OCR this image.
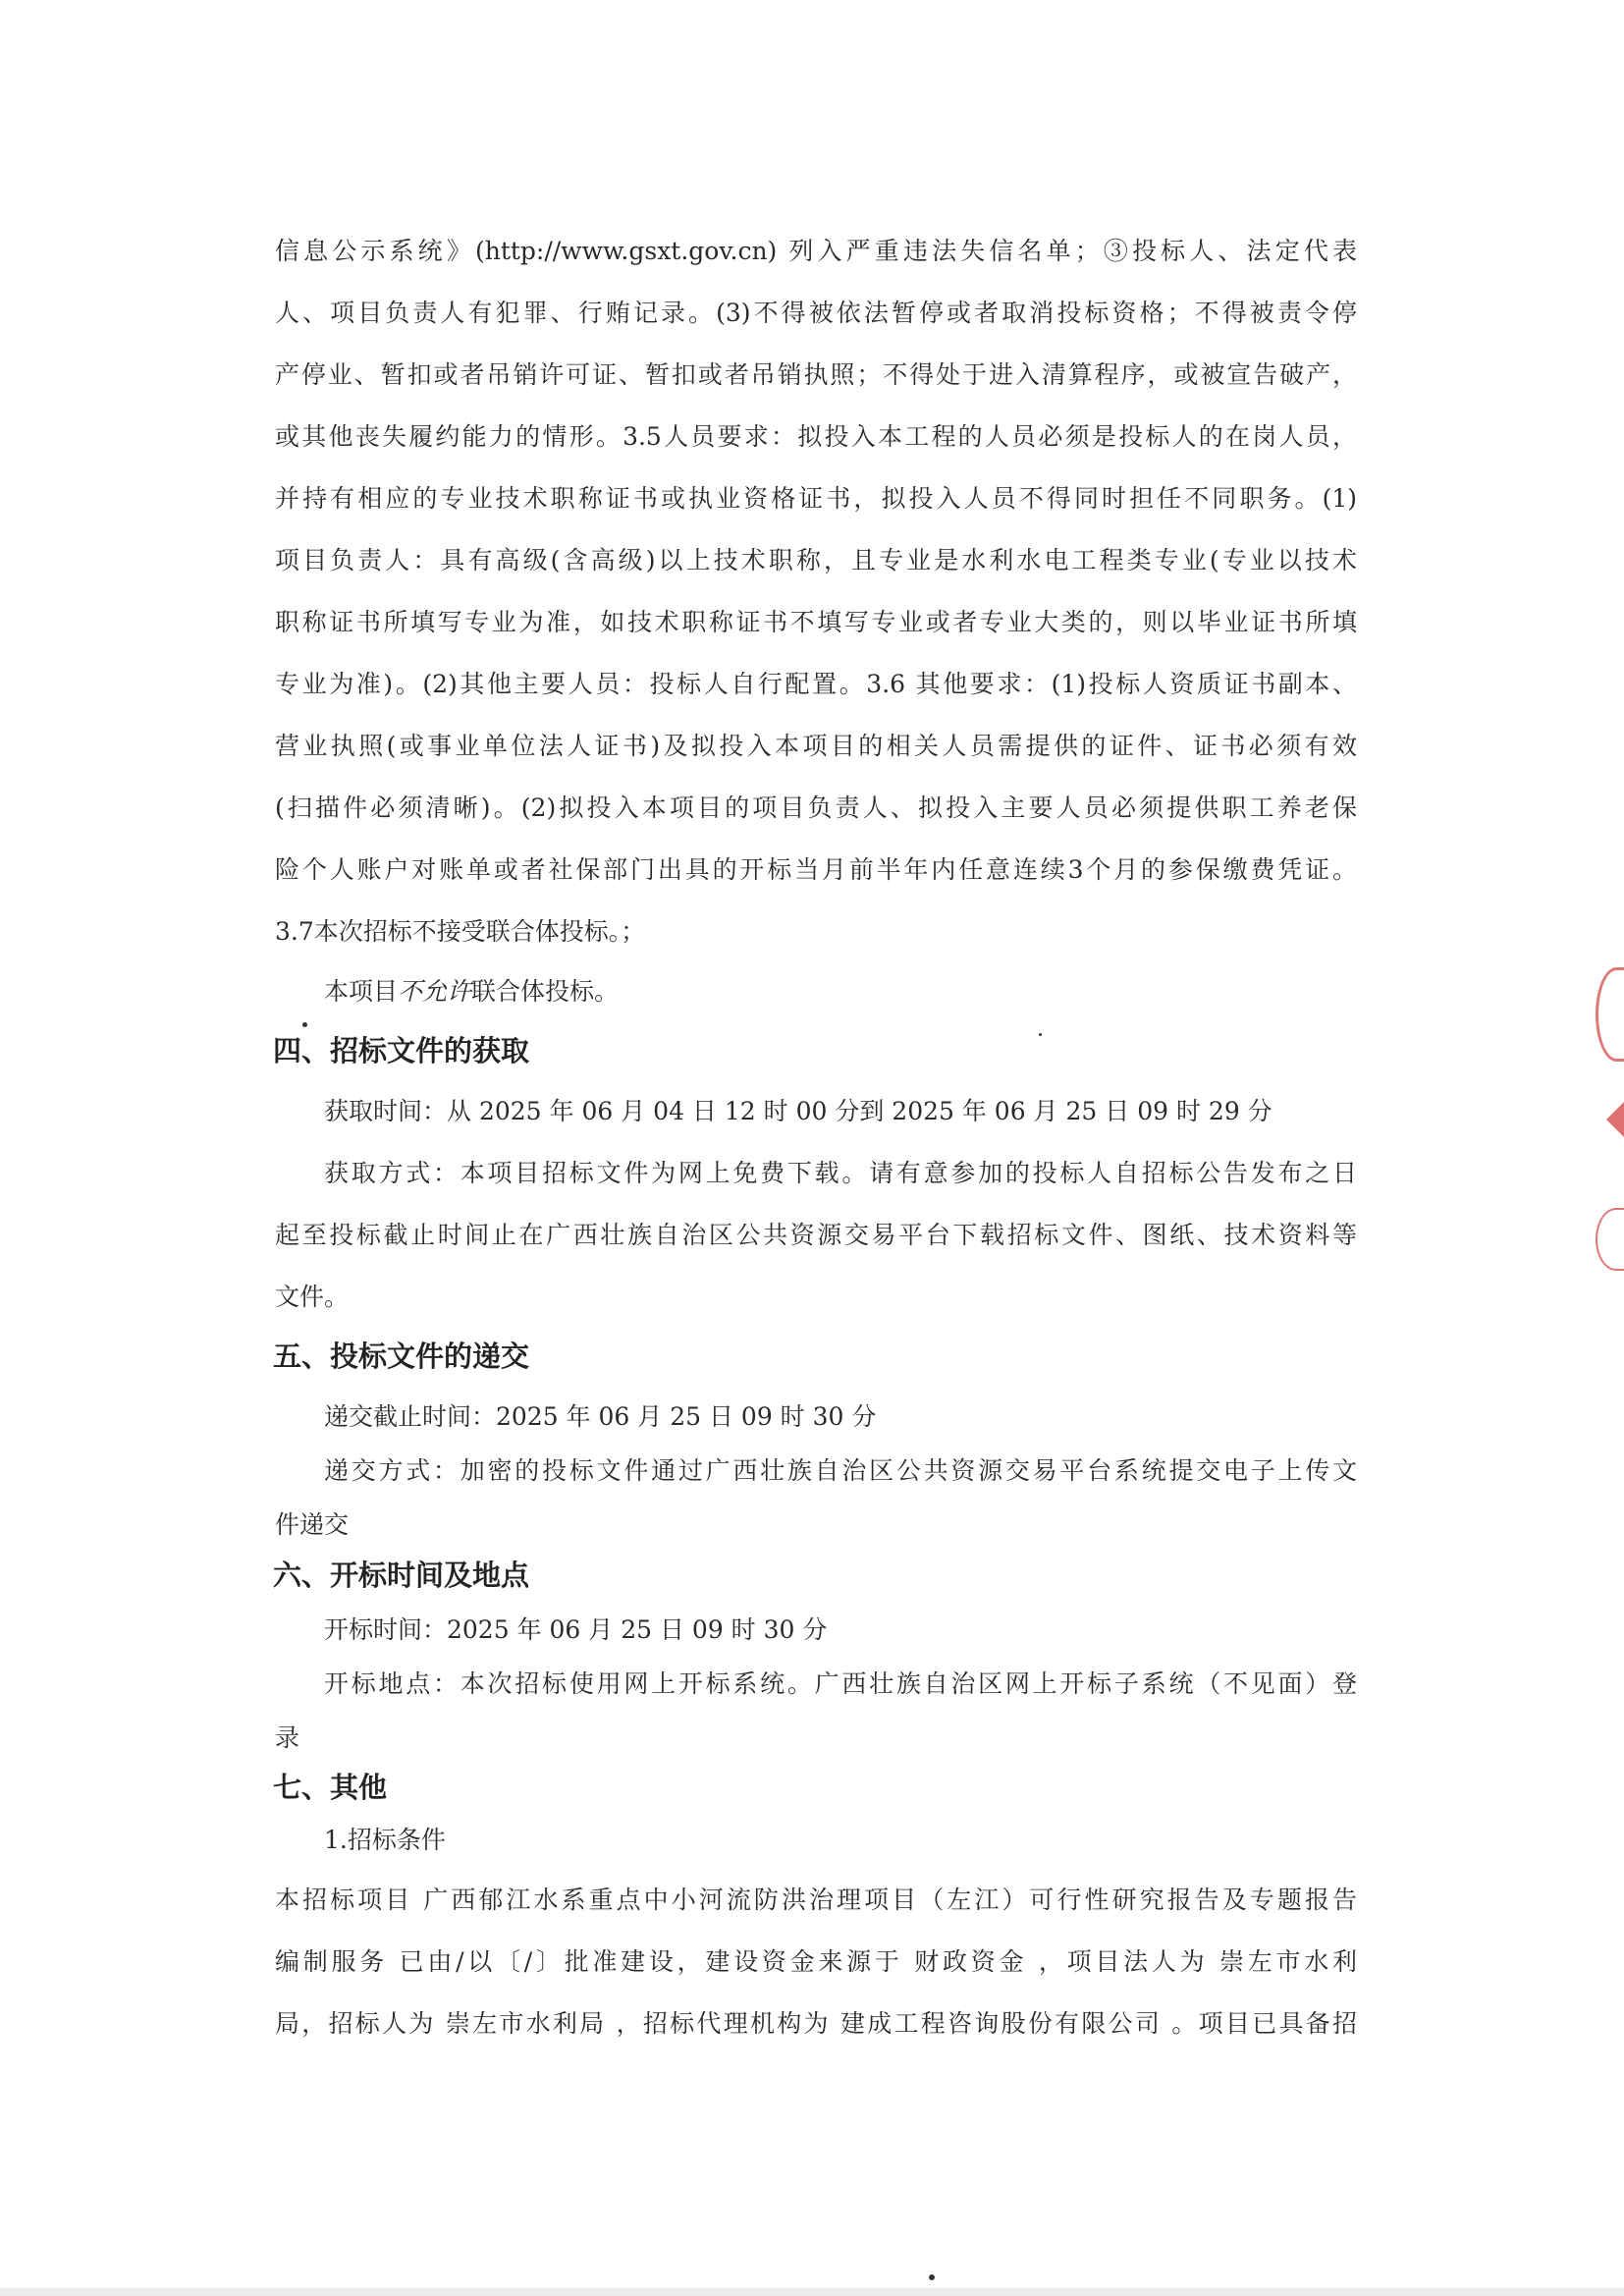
信息公示系统》(http://www.gsxt.gov.cn) 列入严重违法失信名单；③投标人、法定代表
人、项目负责人有犯罪、行贿记录。(3)不得被依法暂停或者取消投标资格；不得被责令停
产停业、暂扣或者吊销许可证、暂扣或者吊销执照；不得处于进入清算程序，或被宣告破产，
或其他丧失履约能力的情形。3.5人员要求：拟投入本工程的人员必须是投标人的在岗人员，
并持有相应的专业技术职称证书或执业资格证书，拟投入人员不得同时担任不同职务。(1)
项目负责人：具有高级(含高级)以上技术职称，且专业是水利水电工程类专业(专业以技术
职称证书所填写专业为准，如技术职称证书不填写专业或者专业大类的，则以毕业证书所填
专业为准)。(2)其他主要人员：投标人自行配置。3.6 其他要求：(1)投标人资质证书副本、
营业执照(或事业单位法人证书)及拟投入本项目的相关人员需提供的证件、证书必须有效
(扫描件必须清晰)。(2)拟投入本项目的项目负责人、拟投入主要人员必须提供职工养老保
险个人账户对账单或者社保部门出具的开标当月前半年内任意连续3个月的参保缴费凭证。
3.7本次招标不接受联合体投标。；
本项目不允许联合体投标。
四、招标文件的获取
获取时间：从 2025 年 06 月 04 日 12 时 00 分到 2025 年 06 月 25 日 09 时 29 分
获取方式：本项目招标文件为网上免费下载。请有意参加的投标人自招标公告发布之日
起至投标截止时间止在广西壮族自治区公共资源交易平台下载招标文件、图纸、技术资料等
文件。
五、投标文件的递交
递交截止时间：2025 年 06 月 25 日 09 时 30 分
递交方式：加密的投标文件通过广西壮族自治区公共资源交易平台系统提交电子上传文
件递交
六、开标时间及地点
开标时间：2025 年 06 月 25 日 09 时 30 分
开标地点：本次招标使用网上开标系统。广西壮族自治区网上开标子系统（不见面）登
录
七、其他
1.招标条件
本招标项目 广西郁江水系重点中小河流防洪治理项目（左江）可行性研究报告及专题报告
编制服务 已由/以〔/〕批准建设，建设资金来源于 财政资金 ，项目法人为 崇左市水利
局，招标人为 崇左市水利局 ，招标代理机构为 建成工程咨询股份有限公司 。项目已具备招
